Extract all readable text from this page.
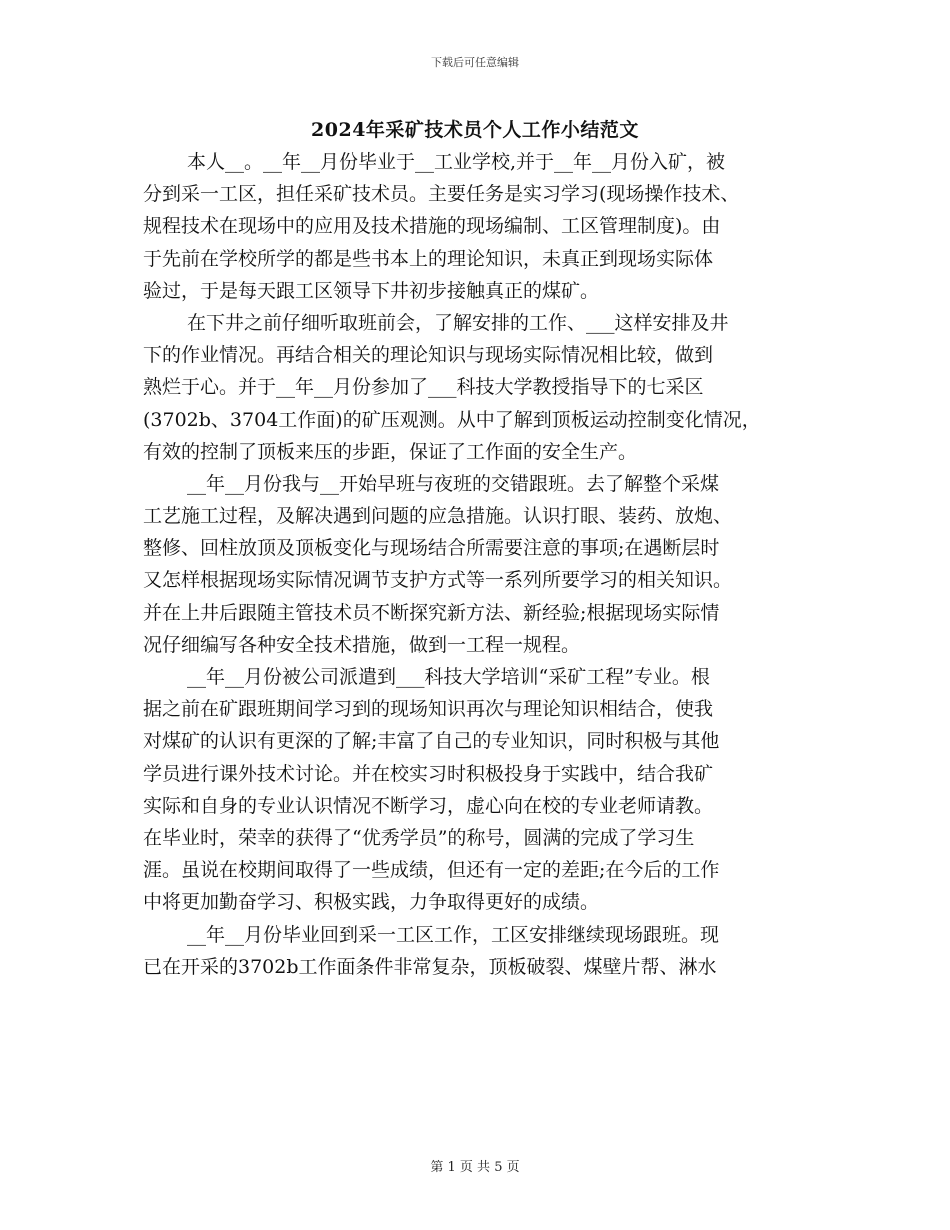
下载后可任意编辑
2024年采矿技术员个人工作小结范文
本人__。__年__月份毕业于__工业学校,并于__年__月份入矿，被
分到采一工区，担任采矿技术员。主要任务是实习学习(现场操作技术、
规程技术在现场中的应用及技术措施的现场编制、工区管理制度)。由
于先前在学校所学的都是些书本上的理论知识，未真正到现场实际体
验过，于是每天跟工区领导下井初步接触真正的煤矿。
在下井之前仔细听取班前会，了解安排的工作、___这样安排及井
下的作业情况。再结合相关的理论知识与现场实际情况相比较，做到
熟烂于心。并于__年__月份参加了___科技大学教授指导下的七采区
(3702b、3704工作面)的矿压观测。从中了解到顶板运动控制变化情况，
有效的控制了顶板来压的步距，保证了工作面的安全生产。
__年__月份我与__开始早班与夜班的交错跟班。去了解整个采煤
工艺施工过程，及解决遇到问题的应急措施。认识打眼、装药、放炮、
整修、回柱放顶及顶板变化与现场结合所需要注意的事项;在遇断层时
又怎样根据现场实际情况调节支护方式等一系列所要学习的相关知识。
并在上井后跟随主管技术员不断探究新方法、新经验;根据现场实际情
况仔细编写各种安全技术措施，做到一工程一规程。
__年__月份被公司派遣到___科技大学培训“采矿工程”专业。根
据之前在矿跟班期间学习到的现场知识再次与理论知识相结合，使我
对煤矿的认识有更深的了解;丰富了自己的专业知识，同时积极与其他
学员进行课外技术讨论。并在校实习时积极投身于实践中，结合我矿
实际和自身的专业认识情况不断学习，虚心向在校的专业老师请教。
在毕业时，荣幸的获得了“优秀学员”的称号，圆满的完成了学习生
涯。虽说在校期间取得了一些成绩，但还有一定的差距;在今后的工作
中将更加勤奋学习、积极实践，力争取得更好的成绩。
__年__月份毕业回到采一工区工作，工区安排继续现场跟班。现
已在开采的3702b工作面条件非常复杂，顶板破裂、煤壁片帮、淋水
第 1 页 共 5 页
